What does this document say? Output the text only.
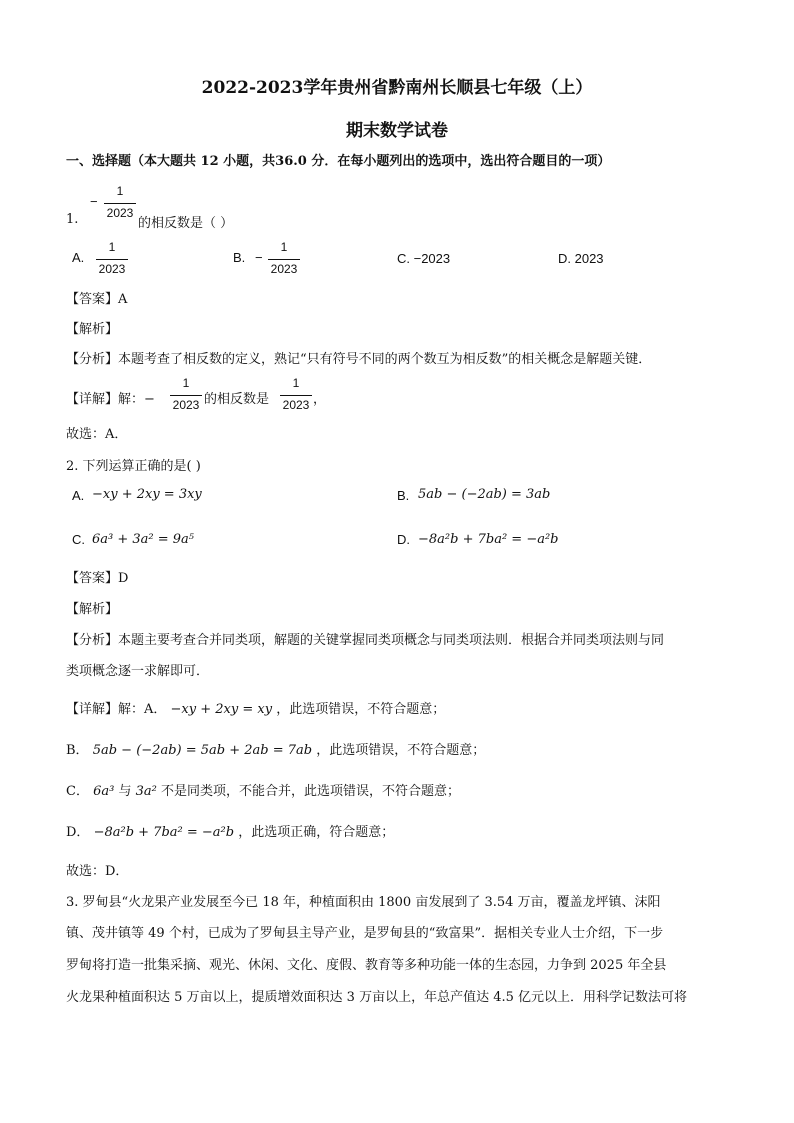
2022-2023学年贵州省黔南州长顺县七年级（上）
期末数学试卷
一、选择题（本大题共 12 小题，共36.0 分．在每小题列出的选项中，选出符合题目的一项）
−
1
2023
1.	的相反数是（ ）
A.
1
2023
B. −
1
2023
C. −2023	D. 2023
【答案】A
【解析】
【分析】本题考查了相反数的定义，熟记“只有符号不同的两个数互为相反数”的相关概念是解题关键．
【详解】解：−
1
2023 的相反数是
1
2023 ，
故选：A．
2. 下列运算正确的是( )
A. −xy + 2xy = 3xy	B. 5ab − (−2ab) = 3ab
C. 6a³ + 3a² = 9a⁵	D. −8a²b + 7ba² = −a²b
【答案】D
【解析】
【分析】本题主要考查合并同类项，解题的关键掌握同类项概念与同类项法则．根据合并同类项法则与同
类项概念逐一求解即可．
【详解】解：A． −xy + 2xy = xy ，此选项错误，不符合题意；
B． 5ab − (−2ab) = 5ab + 2ab = 7ab ，此选项错误，不符合题意；
C． 6a³ 与 3a² 不是同类项，不能合并，此选项错误，不符合题意；
D． −8a²b + 7ba² = −a²b ，此选项正确，符合题意；
故选：D．
3. 罗甸县“火龙果产业发展至今已 18 年，种植面积由 1800 亩发展到了 3.54 万亩，覆盖龙坪镇、沫阳
镇、茂井镇等 49 个村，已成为了罗甸县主导产业，是罗甸县的“致富果”．据相关专业人士介绍，下一步
罗甸将打造一批集采摘、观光、休闲、文化、度假、教育等多种功能一体的生态园，力争到 2025 年全县
火龙果种植面积达 5 万亩以上，提质增效面积达 3 万亩以上，年总产值达 4.5 亿元以上．用科学记数法可将
